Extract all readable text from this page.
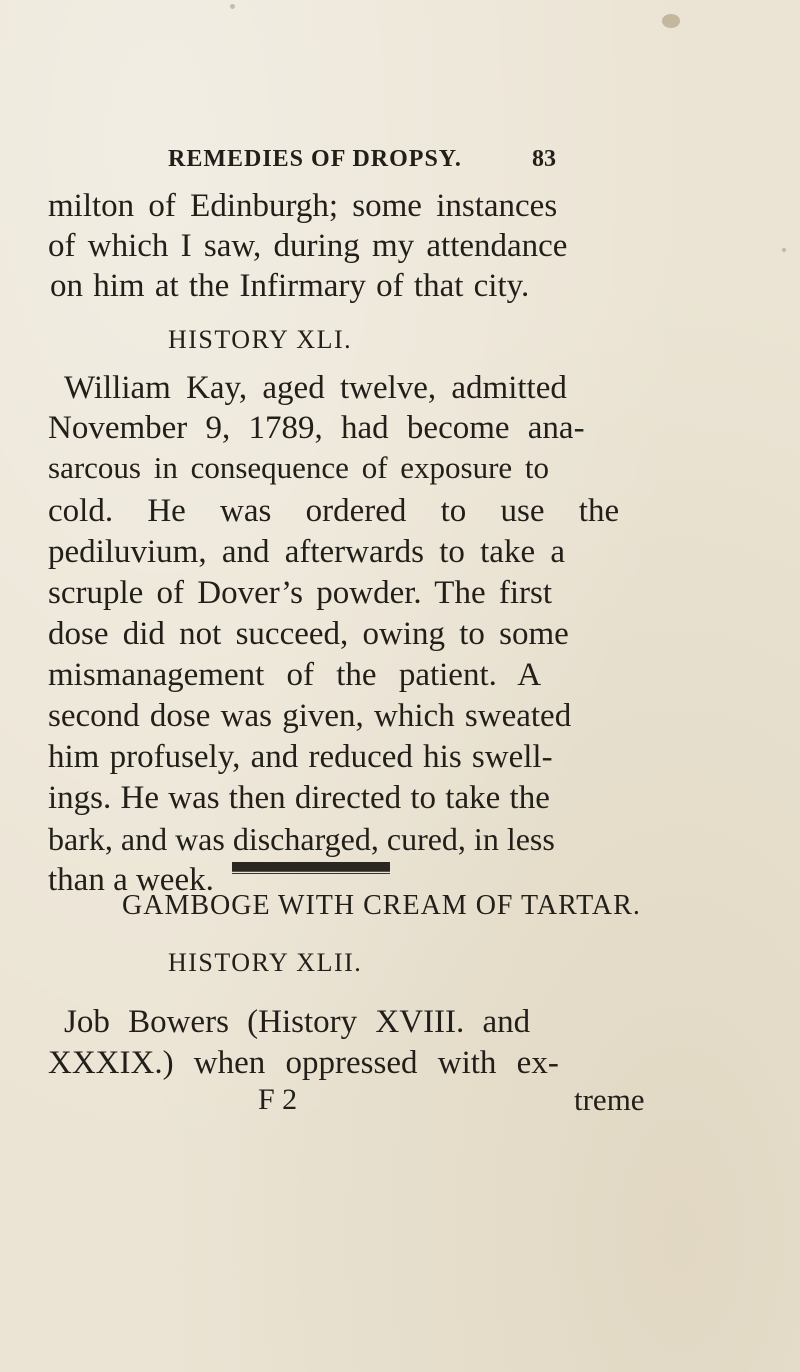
REMEDIES OF DROPSY.	83
milton of Edinburgh; some instances
of which I saw, during my attendance
on him at the Infirmary of that city.
HISTORY XLI.
William Kay, aged twelve, admitted
November 9, 1789, had become ana-
sarcous in consequence of exposure to
cold. He was ordered to use the
pediluvium, and afterwards to take a
scruple of Dover’s powder. The first
dose did not succeed, owing to some
mismanagement of the patient. A
second dose was given, which sweated
him profusely, and reduced his swell-
ings. He was then directed to take the
bark, and was discharged, cured, in less
than a week.
GAMBOGE WITH CREAM OF TARTAR.
HISTORY XLII.
Job Bowers (History XVIII. and
XXXIX.) when oppressed with ex-
F 2	treme
